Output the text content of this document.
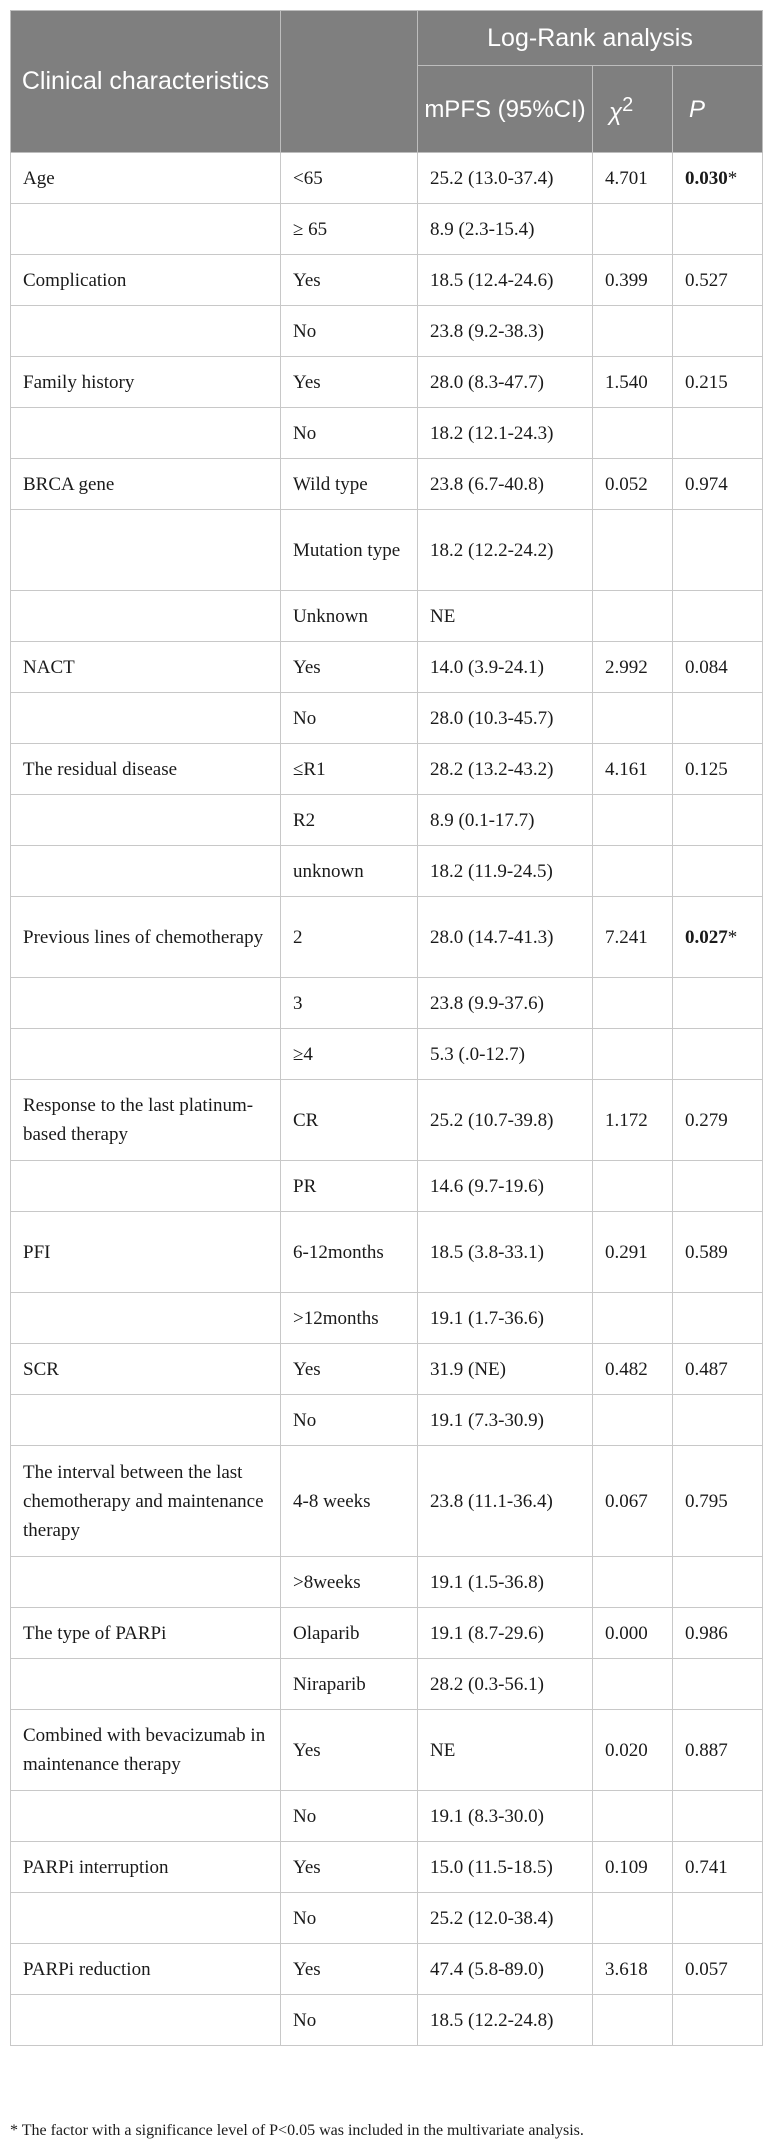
Clinical characteristics		Log-Rank analysis		
		mPFS (95%CI)	$\chi^2$	P
Age	<65	25.2 (13.0-37.4)	4.701	0.030*
	≥ 65	8.9 (2.3-15.4)		
Complication	Yes	18.5 (12.4-24.6)	0.399	0.527
	No	23.8 (9.2-38.3)		
Family history	Yes	28.0 (8.3-47.7)	1.540	0.215
	No	18.2 (12.1-24.3)		
BRCA gene	Wild type	23.8 (6.7-40.8)	0.052	0.974
	Mutation type	18.2 (12.2-24.2)		
	Unknown	NE		
NACT	Yes	14.0 (3.9-24.1)	2.992	0.084
	No	28.0 (10.3-45.7)		
The residual disease	≤R1	28.2 (13.2-43.2)	4.161	0.125
	R2	8.9 (0.1-17.7)		
	unknown	18.2 (11.9-24.5)		
Previous lines of chemotherapy	2	28.0 (14.7-41.3)	7.241	0.027*
	3	23.8 (9.9-37.6)		
	≥4	5.3 (.0-12.7)		
Response to the last platinum-based therapy	CR	25.2 (10.7-39.8)	1.172	0.279
	PR	14.6 (9.7-19.6)		
PFI	6-12months	18.5 (3.8-33.1)	0.291	0.589
	>12months	19.1 (1.7-36.6)		
SCR	Yes	31.9 (NE)	0.482	0.487
	No	19.1 (7.3-30.9)		
The interval between the last chemotherapy and maintenance therapy	4-8 weeks	23.8 (11.1-36.4)	0.067	0.795
	>8weeks	19.1 (1.5-36.8)		
The type of PARPi	Olaparib	19.1 (8.7-29.6)	0.000	0.986
	Niraparib	28.2 (0.3-56.1)		
Combined with bevacizumab in maintenance therapy	Yes	NE	0.020	0.887
	No	19.1 (8.3-30.0)		
PARPi interruption	Yes	15.0 (11.5-18.5)	0.109	0.741
	No	25.2 (12.0-38.4)		
PARPi reduction	Yes	47.4 (5.8-89.0)	3.618	0.057
	No	18.5 (12.2-24.8)		
* The factor with a significance level of P<0.05 was included in the multivariate analysis.
